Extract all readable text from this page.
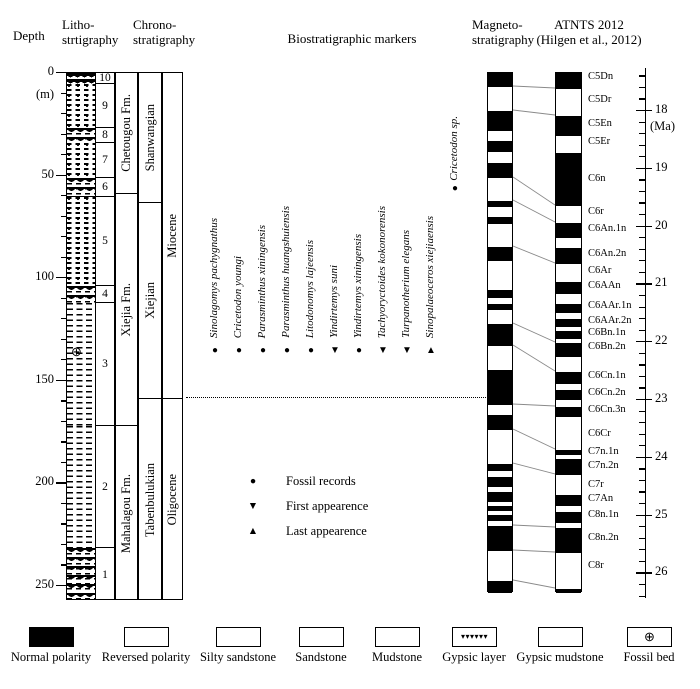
Depth
Litho-
strtigraphy
Chrono-
stratigraphy	Biostratigraphic markers
Magneto-
stratigraphy
ATNTS 2012
(Hilgen et al., 2012)
(m)
10
9
8
7
6
5
4
3
2
1
Chetougou Fm.
Xiejia Fm.
Mahalagou Fm.
Shanwangian
Xiejian
Tabenbulukian
Miocene
Oligocene
(Ma)
0
50
100
150
200
250
⊕
Sinolagomys pachygnathus
●
Cricetodon youngi
●
Parasminthus xiningensis
●
Parasminthus huangshuiensis
●
Litodonomys lajeensis
●
Yindirtemys suni
▼
Yindirtemys xiningensis
●
Tachyoryctoides kokonorensis
▼
Turpanotherium elegans
▼
Sinopalaeoceros xiejiaensis
▲
Cricetodon sp.
●
●	Fossil records
▼ First appearence
▲ Last appearence
C5Dn
C5Dr
C5En
C5Er
C6n
C6r
C6An.1n
C6An.2n
C6Ar
C6AAn
C6AAr.1n
C6AAr.2n
C6Bn.1n
C6Bn.2n
C6Cn.1n
C6Cn.2n
C6Cn.3n
C6Cr
C7n.1n
C7n.2n
C7r
C7An
C8n.1n
C8n.2n
C8r
18
19
20
21
22
23
24
25
26
Normal polarity Reversed polarity Silty sandstone	Sandstone	Mudstone
▾▾▾▾▾▾
Gypsic layer Gypsic mudstone
⊕
Fossil bed
